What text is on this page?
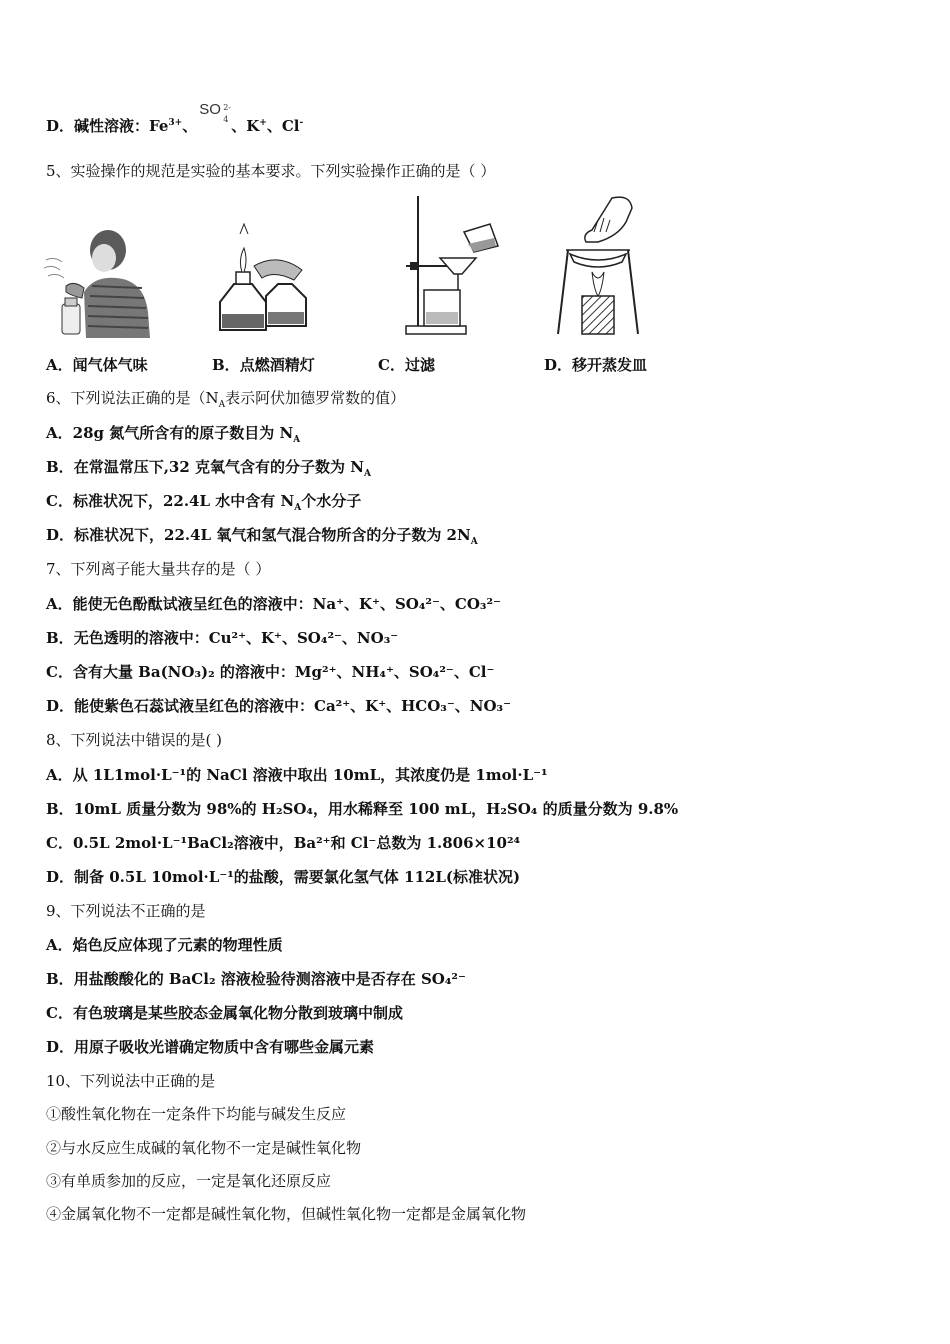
D．碱性溶液：$Fe^{3+}$、
SO 2-
4 、K+、Cl-
5、实验操作的规范是实验的基本要求。下列实验操作正确的是（ ）
A．闻气体气味	B．点燃酒精灯	C．过滤	D．移开蒸发皿
6、下列说法正确的是（$N_A$表示阿伏加德罗常数的值）
A．28g 氮气所含有的原子数目为 $N_A$
B．在常温常压下,32 克氧气含有的分子数为 $N_A$
C．标准状况下，22.4L 水中含有 $N_A$个水分子
D．标准状况下，22.4L 氧气和氢气混合物所含的分子数为 $2N_A$
7、下列离子能大量共存的是（ ）
A．能使无色酚酞试液呈红色的溶液中：Na⁺、K⁺、SO₄²⁻、CO₃²⁻
B．无色透明的溶液中：Cu²⁺、K⁺、SO₄²⁻、NO₃⁻
C．含有大量 Ba(NO₃)₂ 的溶液中：Mg²⁺、NH₄⁺、SO₄²⁻、Cl⁻
D．能使紫色石蕊试液呈红色的溶液中：Ca²⁺、K⁺、HCO₃⁻、NO₃⁻
8、下列说法中错误的是( )
A．从 1L1mol·L⁻¹的 NaCl 溶液中取出 10mL，其浓度仍是 1mol·L⁻¹
B．10mL 质量分数为 98%的 H₂SO₄，用水稀释至 100 mL，H₂SO₄ 的质量分数为 9.8%
C．0.5L 2mol·L⁻¹BaCl₂溶液中，Ba²⁺和 Cl⁻总数为 1.806×10²⁴
D．制备 0.5L 10mol·L⁻¹的盐酸，需要氯化氢气体 112L(标准状况)
9、下列说法不正确的是
A．焰色反应体现了元素的物理性质
B．用盐酸酸化的 BaCl₂ 溶液检验待测溶液中是否存在 SO₄²⁻
C．有色玻璃是某些胶态金属氧化物分散到玻璃中制成
D．用原子吸收光谱确定物质中含有哪些金属元素
10、下列说法中正确的是
①酸性氧化物在一定条件下均能与碱发生反应
②与水反应生成碱的氧化物不一定是碱性氧化物
③有单质参加的反应，一定是氧化还原反应
④金属氧化物不一定都是碱性氧化物，但碱性氧化物一定都是金属氧化物
